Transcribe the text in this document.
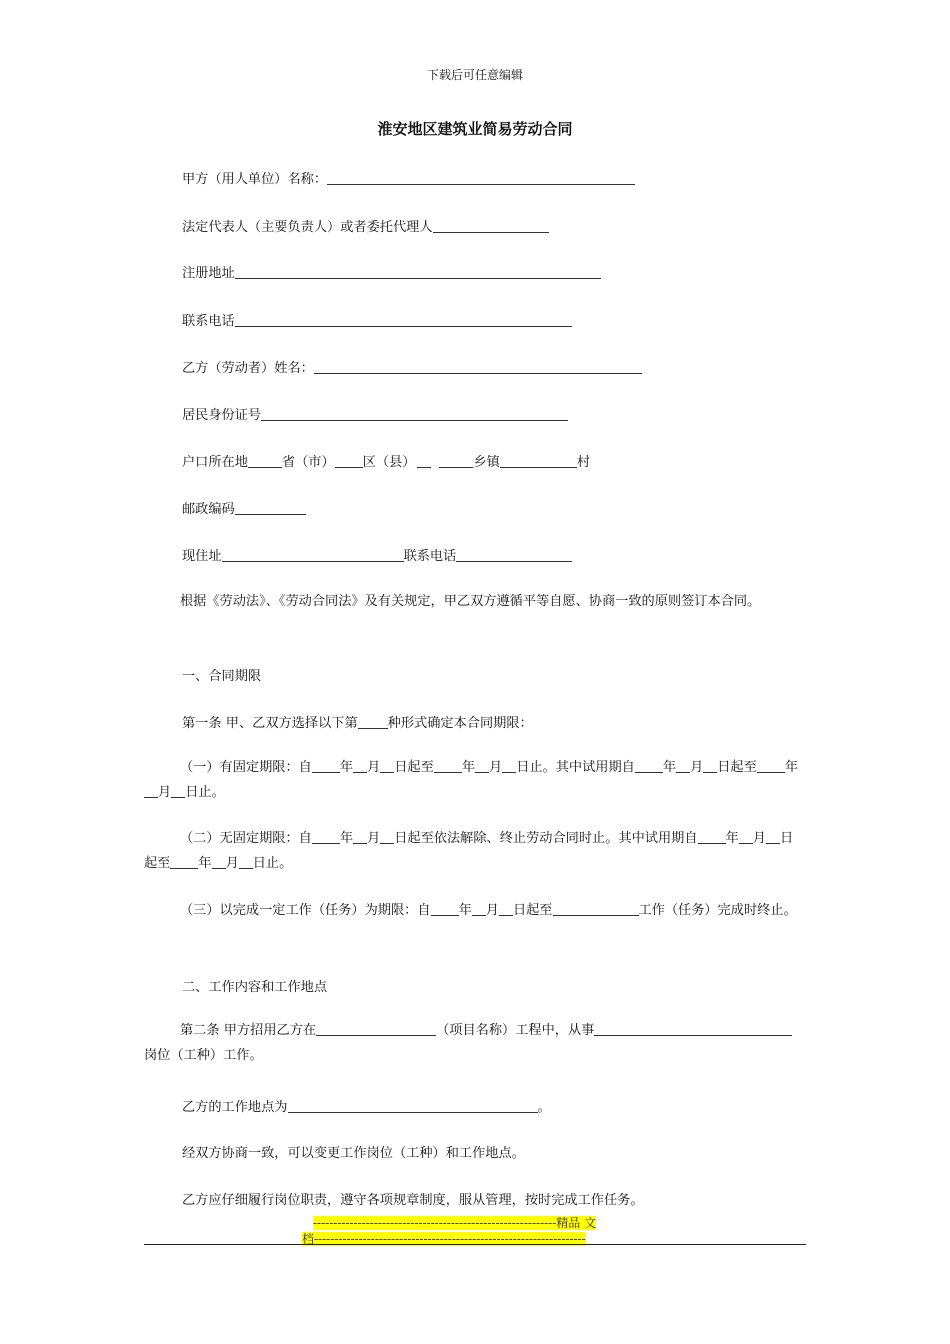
下载后可任意编辑
淮安地区建筑业简易劳动合同
甲方（用人单位）名称：
法定代表人（主要负责人）或者委托代理人
注册地址
联系电话
乙方（劳动者）姓名：
居民身份证号
户口所在地	省（市） 区（县）	乡镇	村
邮政编码
现住址	联系电话
根据《劳动法》、《劳动合同法》及有关规定，甲乙双方遵循平等自愿、协商一致的原则签订本合同。
一、合同期限
第一条 甲、乙双方选择以下第 种形式确定本合同期限：
（一）有固定期限：自 年 月 日起至 年 月 日止。其中试用期自 年 月 日起至 年月 日止。
（二）无固定期限：自 年 月 日起至依法解除、终止劳动合同时止。其中试用期自 年 月 日起至 年 月 日止。
（三）以完成一定工作（任务）为期限：自 年 月 日起至	工作（任务）完成时终止。
二、工作内容和工作地点
第二条 甲方招用乙方在	（项目名称）工程中，从事岗位（工种）工作。
乙方的工作地点为	。
经双方协商一致，可以变更工作岗位（工种）和工作地点。
乙方应仔细履行岗位职责，遵守各项规章制度，服从管理，按时完成工作任务。
------------------------------------------------------------精品 文
档-------------------------------------------------------------------
